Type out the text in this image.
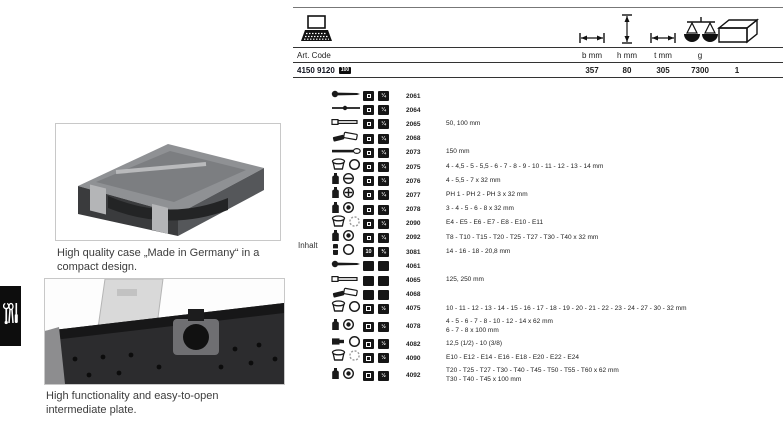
High quality case „Made in Germany“ in a compact design.
High functionality and easy-to-open intermediate plate.
Art. Code	b mm	h mm	t mm	g
4150 9120	100	357	80	305	7300	1
Inhalt
¼	2061
¼	2064
¼	2065	50, 100 mm
¼	2068
¼	2073	150 mm
¼	2075	4 - 4,5 - 5 - 5,5 - 6 - 7 - 8 - 9 - 10 - 11 - 12 - 13 - 14 mm
¼	2076	4 - 5,5 - 7 x 32 mm
¼	2077	PH 1 - PH 2 - PH 3 x 32 mm
¼	2078	3 - 4 - 5 - 6 - 8 x 32 mm
¼	2090	E4 - E5 - E6 - E7 - E8 - E10 - E11
¼	2092	T8 - T10 - T15 - T20 - T25 - T27 - T30 - T40 x 32 mm
10	⅜	3081	14 - 16 - 18 - 20,8 mm
4061
4065	125, 250 mm
4068
½	4075	10 - 11 - 12 - 13 - 14 - 15 - 16 - 17 - 18 - 19 - 20 - 21 - 22 - 23 - 24 - 27 - 30 - 32 mm
½	4078
4 - 5 - 6 - 7 - 8 - 10 - 12 - 14 x 62 mm
6 - 7 - 8 x 100 mm
½	4082	12,5 (1/2) - 10 (3/8)
½	4090	E10 - E12 - E14 - E16 - E18 - E20 - E22 - E24
½	4092
T20 - T25 - T27 - T30 - T40 - T45 - T50 - T55 - T60 x 62 mm
T30 - T40 - T45 x 100 mm
